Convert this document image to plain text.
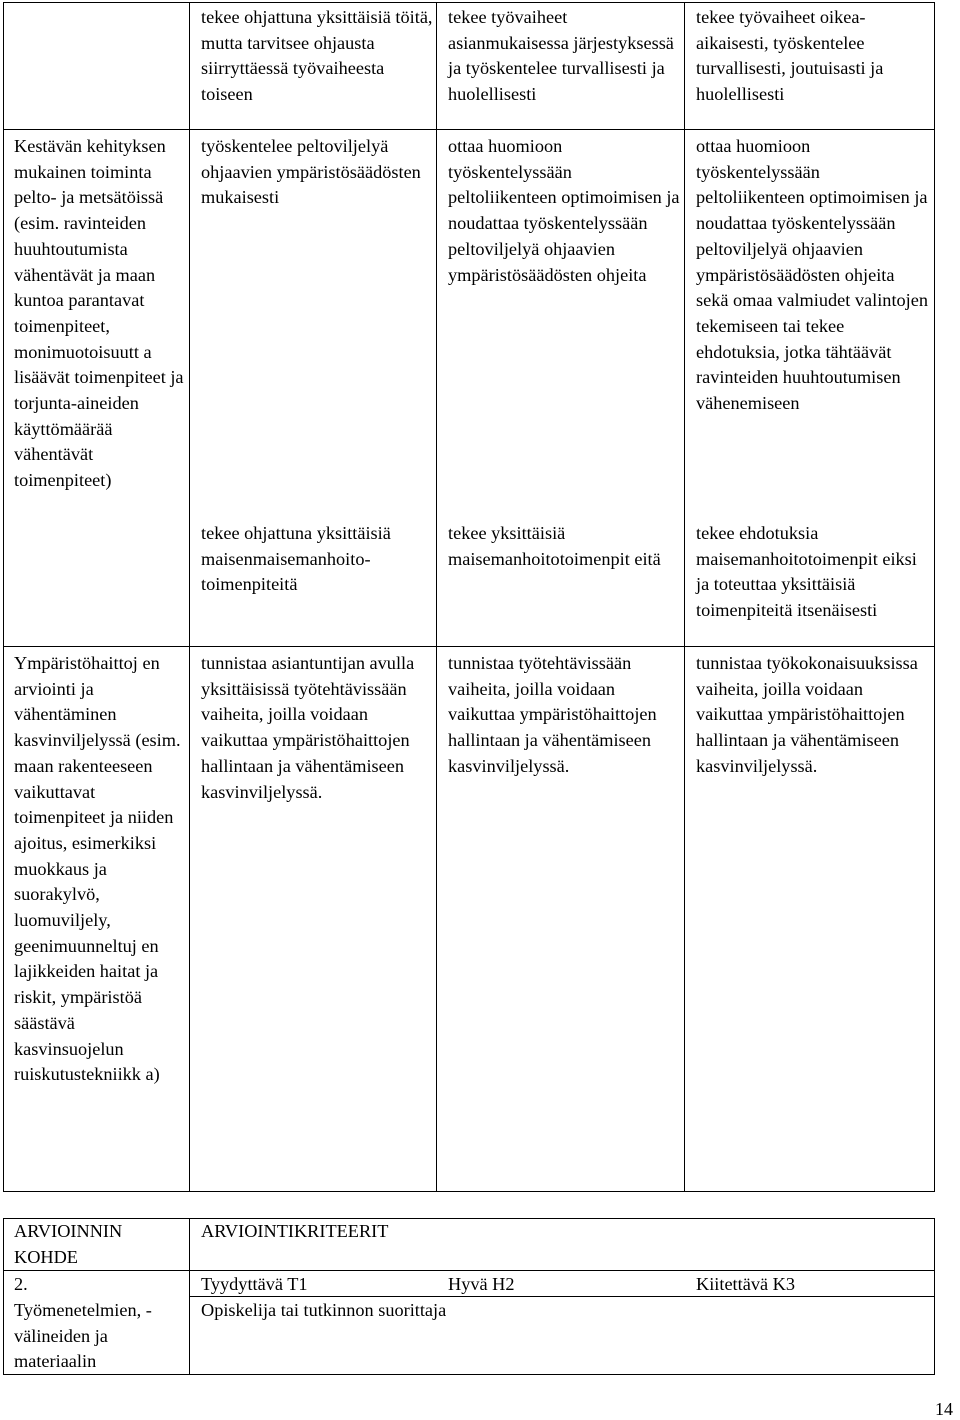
tekee ohjattuna yksittäisiä töitä, mutta tarvitsee ohjausta siirryttäessä työvaiheesta toiseen
tekee työvaiheet asianmukaisessa järjestyksessä ja työskentelee turvallisesti ja huolellisesti
tekee työvaiheet oikea-aikaisesti, työskentelee turvallisesti, joutuisasti ja huolellisesti
Kestävän kehityksen mukainen toiminta pelto- ja metsätöissä (esim. ravinteiden huuhtoutumista vähentävät ja maan kuntoa parantavat toimenpiteet, monimuotoisuutt a lisäävät toimenpiteet ja torjunta-aineiden käyttömäärää vähentävät toimenpiteet)
työskentelee peltoviljelyä ohjaavien ympäristösäädösten mukaisesti
ottaa huomioon työskentelyssään peltoliikenteen optimoimisen ja noudattaa työskentelyssään peltoviljelyä ohjaavien ympäristösäädösten ohjeita
ottaa huomioon työskentelyssään peltoliikenteen optimoimisen ja noudattaa työskentelyssään peltoviljelyä ohjaavien ympäristösäädösten ohjeita sekä omaa valmiudet valintojen tekemiseen tai tekee ehdotuksia, jotka tähtäävät ravinteiden huuhtoutumisen vähenemiseen
tekee ohjattuna yksittäisiä maisenmaisemanhoito-toimenpiteitä
tekee yksittäisiä maisemanhoitotoimenpit eitä
tekee ehdotuksia maisemanhoitotoimenpit eiksi ja toteuttaa yksittäisiä toimenpiteitä itsenäisesti
Ympäristöhaittoj en arviointi ja vähentäminen kasvinviljelyssä (esim. maan rakenteeseen vaikuttavat toimenpiteet ja niiden ajoitus, esimerkiksi muokkaus ja suorakylvö, luomuviljely, geenimuunneltuj en lajikkeiden haitat ja riskit, ympäristöä säästävä kasvinsuojelun ruiskutustekniikk a)
tunnistaa asiantuntijan avulla yksittäisissä työtehtävissään vaiheita, joilla voidaan vaikuttaa ympäristöhaittojen hallintaan ja vähentämiseen kasvinviljelyssä.
tunnistaa työtehtävissään vaiheita, joilla voidaan vaikuttaa ympäristöhaittojen hallintaan ja vähentämiseen kasvinviljelyssä.
tunnistaa työkokonaisuuksissa vaiheita, joilla voidaan vaikuttaa ympäristöhaittojen hallintaan ja vähentämiseen kasvinviljelyssä.
ARVIOINNIN KOHDE
ARVIOINTIKRITEERIT
2.
Työmenetelmien, -välineiden ja materiaalin
Tyydyttävä T1	Hyvä H2	Kiitettävä K3
Opiskelija tai tutkinnon suorittaja
14
